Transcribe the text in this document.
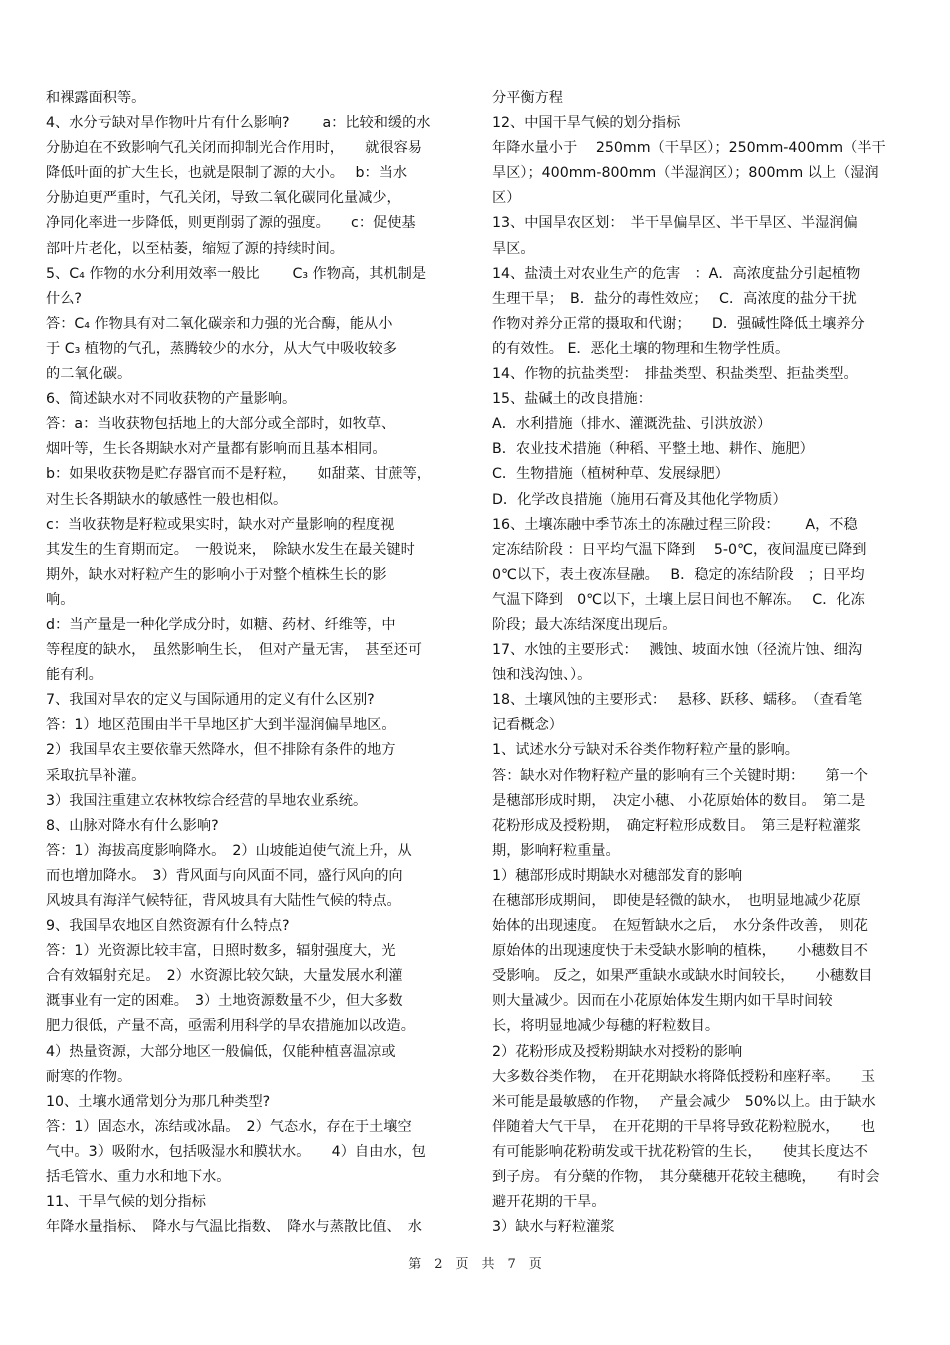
和裸露面积等。
4、水分亏缺对旱作物叶片有什么影响?　　 a：比较和缓的水
分胁迫在不致影响气孔关闭而抑制光合作用时，　　就很容易
降低叶面的扩大生长，也就是限制了源的大小。　 b：当水
分胁迫更严重时，气孔关闭，导致二氧化碳同化量减少，
净同化率进一步降低，则更削弱了源的强度。　　c：促使基
部叶片老化，以至枯萎，缩短了源的持续时间。
5、C₄ 作物的水分利用效率一般比　　 C₃ 作物高，其机制是
什么?
答：C₄ 作物具有对二氧化碳亲和力强的光合酶，能从小
于 C₃ 植物的气孔，蒸腾较少的水分，从大气中吸收较多
的二氧化碳。
6、简述缺水对不同收获物的产量影响。
答：a：当收获物包括地上的大部分或全部时，如牧草、
烟叶等，生长各期缺水对产量都有影响而且基本相同。
b：如果收获物是贮存器官而不是籽粒，　　如甜菜、甘蔗等，
对生长各期缺水的敏感性一般也相似。
c：当收获物是籽粒或果实时，缺水对产量影响的程度视
其发生的生育期而定。　一般说来，　除缺水发生在最关键时
期外，缺水对籽粒产生的影响小于对整个植株生长的影
响。
d：当产量是一种化学成分时，如糖、药材、纤维等，中
等程度的缺水，　虽然影响生长，　但对产量无害，　甚至还可
能有利。
7、我国对旱农的定义与国际通用的定义有什么区别?
答：1）地区范围由半干旱地区扩大到半湿润偏旱地区。
2）我国旱农主要依靠天然降水，但不排除有条件的地方
采取抗旱补灌。
3）我国注重建立农林牧综合经营的旱地农业系统。
8、山脉对降水有什么影响?
答：1）海拔高度影响降水。　2）山坡能迫使气流上升，从
而也增加降水。　3）背风面与向风面不同，盛行风向的向
风坡具有海洋气候特征，背风坡具有大陆性气候的特点。
9、我国旱农地区自然资源有什么特点?
答：1）光资源比较丰富，日照时数多，辐射强度大，光
合有效辐射充足。　2）水资源比较欠缺，大量发展水利灌
溉事业有一定的困难。　3）土地资源数量不少，但大多数
肥力很低，产量不高，亟需利用科学的旱农措施加以改造。
4）热量资源，大部分地区一般偏低，仅能种植喜温凉或
耐寒的作物。
10、土壤水通常划分为那几种类型?
答：1）固态水，冻结或冰晶。　2）气态水，存在于土壤空
气中。3）吸附水，包括吸湿水和膜状水。　　4）自由水，包
括毛管水、重力水和地下水。
11、干旱气候的划分指标
年降水量指标、　降水与气温比指数、　降水与蒸散比值、　水
分平衡方程
12、中国干旱气候的划分指标
年降水量小于　 250mm（干旱区）；250mm-400mm（半干
旱区）；400mm-800mm（半湿润区）；800mm 以上（湿润
区）
13、中国旱农区划：　半干旱偏旱区、半干旱区、半湿润偏
旱区。
14、盐渍土对农业生产的危害　：A．高浓度盐分引起植物
生理干旱；　B．盐分的毒性效应；　 C．高浓度的盐分干扰
作物对养分正常的摄取和代谢；　　D．强碱性降低土壤养分
的有效性。 E．恶化土壤的物理和生物学性质。
14、作物的抗盐类型：　排盐类型、积盐类型、拒盐类型。
15、盐碱土的改良措施：
A．水利措施（排水、灌溉洗盐、引洪放淤）
B．农业技术措施（种稻、平整土地、耕作、施肥）
C．生物措施（植树种草、发展绿肥）
D．化学改良措施（施用石膏及其他化学物质）
16、土壤冻融中季节冻土的冻融过程三阶段：　　 A，不稳
定冻结阶段 ：日平均气温下降到　 5-0℃，夜间温度已降到
0℃以下，表土夜冻昼融。　 B．稳定的冻结阶段　；日平均
气温下降到　0℃以下，土壤上层日间也不解冻。　 C．化冻
阶段；最大冻结深度出现后。
17、水蚀的主要形式：　 溅蚀、坡面水蚀（径流片蚀、细沟
蚀和浅沟蚀、）。
18、土壤风蚀的主要形式：　 悬移、跃移、蠕移。　（查看笔
记看概念）
1、试述水分亏缺对禾谷类作物籽粒产量的影响。
答：缺水对作物籽粒产量的影响有三个关键时期：　　第一个
是穗部形成时期，　决定小穗、 小花原始体的数目。　第二是
花粉形成及授粉期，　确定籽粒形成数目。　第三是籽粒灌浆
期，影响籽粒重量。
1）穗部形成时期缺水对穗部发育的影响
在穗部形成期间，　即使是轻微的缺水，　也明显地减少花原
始体的出现速度。　在短暂缺水之后，　水分条件改善，　则花
原始体的出现速度快于未受缺水影响的植株，　　小穗数目不
受影响。 反之，如果严重缺水或缺水时间较长，　　小穗数目
则大量减少。因而在小花原始体发生期内如干旱时间较
长，将明显地减少每穗的籽粒数目。
2）花粉形成及授粉期缺水对授粉的影响
大多数谷类作物，　在开花期缺水将降低授粉和座籽率。　　玉
米可能是最敏感的作物，　 产量会减少　50%以上。由于缺水
伴随着大气干旱，　在开花期的干旱将导致花粉粒脱水，　　也
有可能影响花粉萌发或干扰花粉管的生长，　　使其长度达不
到子房。 有分蘖的作物，　其分蘖穗开花较主穗晚，　　有时会
避开花期的干旱。
3）缺水与籽粒灌浆
第　2　页　共　7　页
